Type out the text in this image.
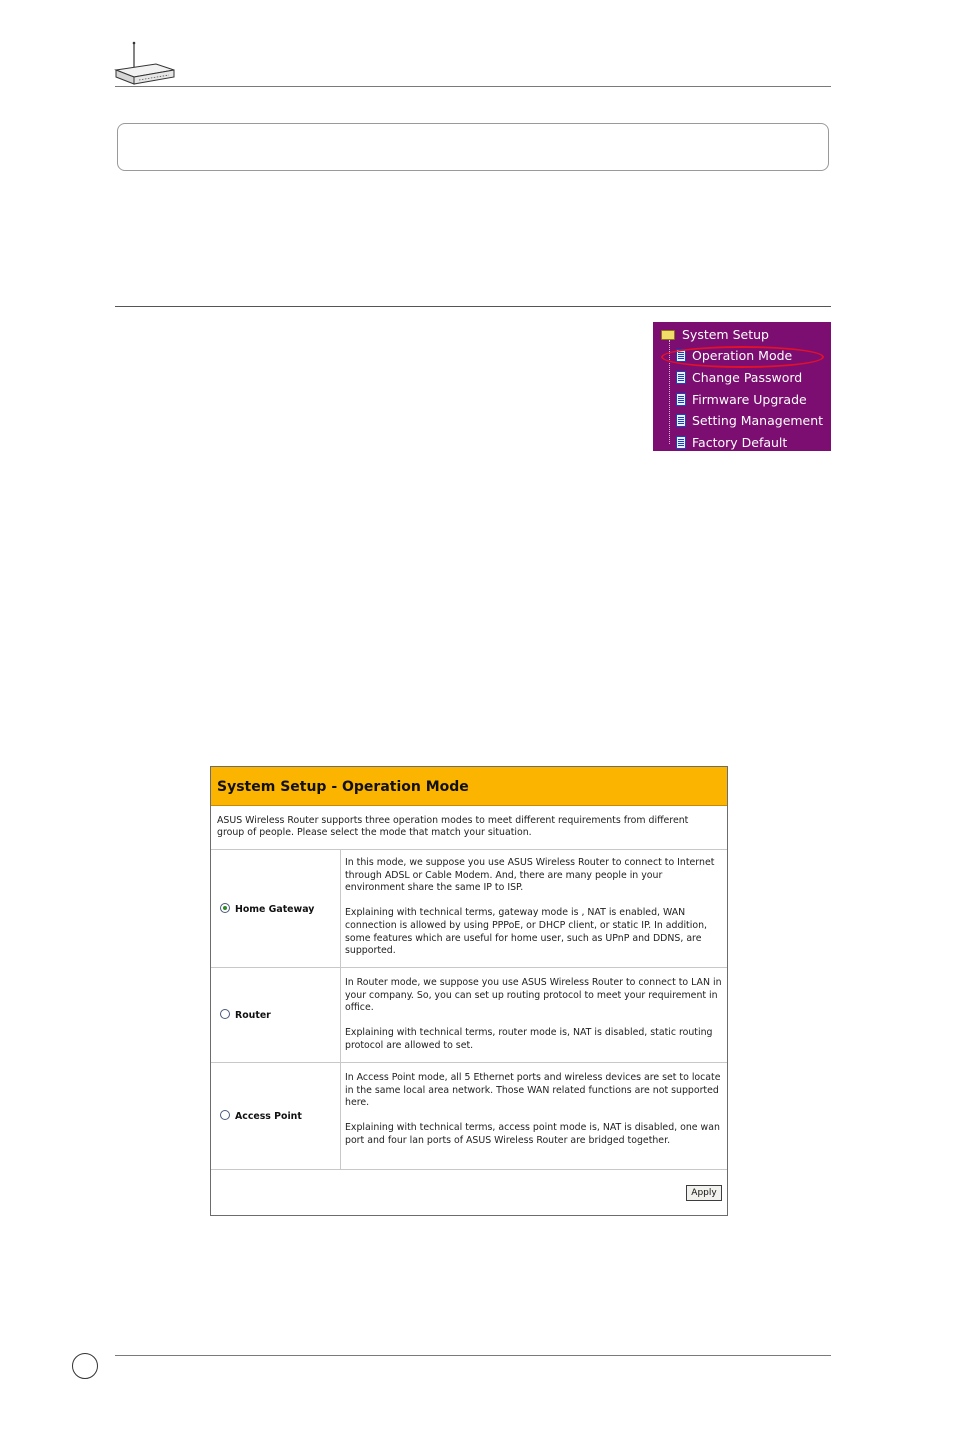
System Setup
Operation Mode
Change Password
Firmware Upgrade
Setting Management
Factory Default
System Setup - Operation Mode
ASUS Wireless Router supports three operation modes to meet different requirements from different group of people. Please select the mode that match your situation.
Home Gateway

In this mode, we suppose you use ASUS Wireless Router to connect to Internet through ADSL or Cable Modem. And, there are many people in your environment share the same IP to ISP.

Explaining with technical terms, gateway mode is , NAT is enabled, WAN connection is allowed by using PPPoE, or DHCP client, or static IP. In addition, some features which are useful for home user, such as UPnP and DDNS, are supported.

Router

In Router mode, we suppose you use ASUS Wireless Router to connect to LAN in your company. So, you can set up routing protocol to meet your requirement in office.

Explaining with technical terms, router mode is, NAT is disabled, static routing protocol are allowed to set.

Access Point

In Access Point mode, all 5 Ethernet ports and wireless devices are set to locate in the same local area network. Those WAN related functions are not supported here.

Explaining with technical terms, access point mode is, NAT is disabled, one wan port and four lan ports of ASUS Wireless Router are bridged together.

Apply
